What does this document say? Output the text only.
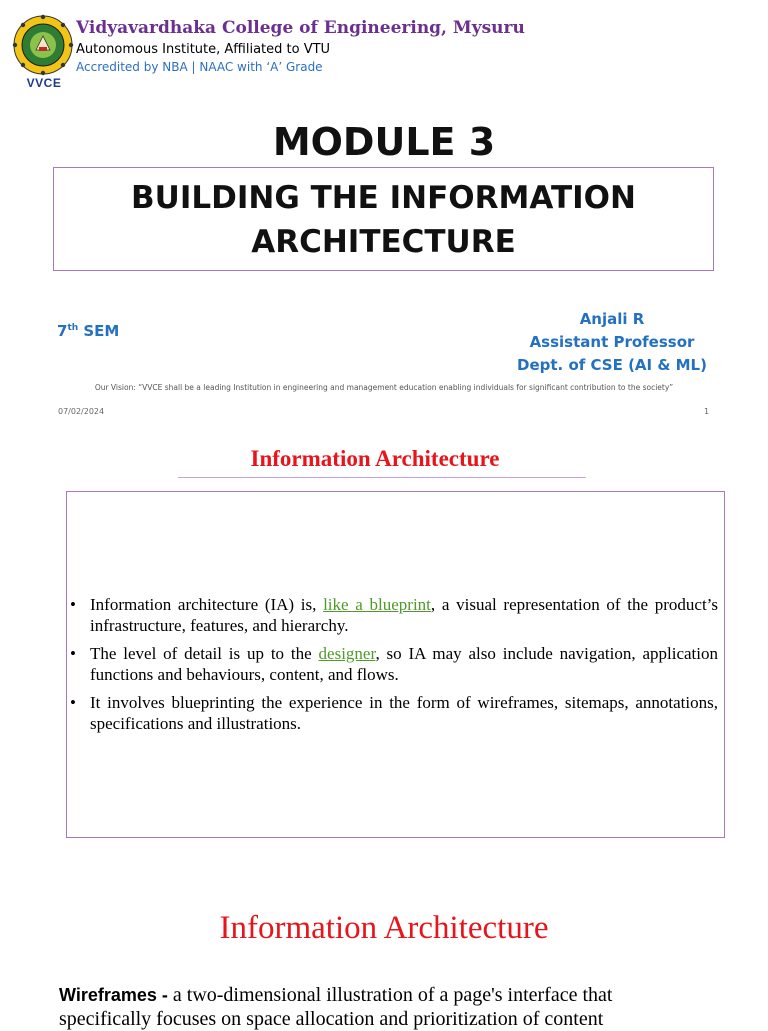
VVCE
Vidyavardhaka College of Engineering, Mysuru
Autonomous Institute, Affiliated to VTU
Accredited by NBA | NAAC with ‘A’ Grade
MODULE 3
BUILDING THE INFORMATION
ARCHITECTURE
7th SEM
Anjali R
Assistant Professor
Dept. of CSE (AI & ML)
Our Vision: “VVCE shall be a leading Institution in engineering and management education enabling individuals for significant contribution to the society”
07/02/2024	1
Information Architecture
• Information architecture (IA) is, like a blueprint, a visual representation of the product’s infrastructure, features, and hierarchy.
• The level of detail is up to the designer, so IA may also include navigation, application functions and behaviours, content, and flows.
• It involves blueprinting the experience in the form of wireframes, sitemaps, annotations, specifications and illustrations.
Information Architecture
Wireframes - a two-dimensional illustration of a page's interface that
specifically focuses on space allocation and prioritization of content
